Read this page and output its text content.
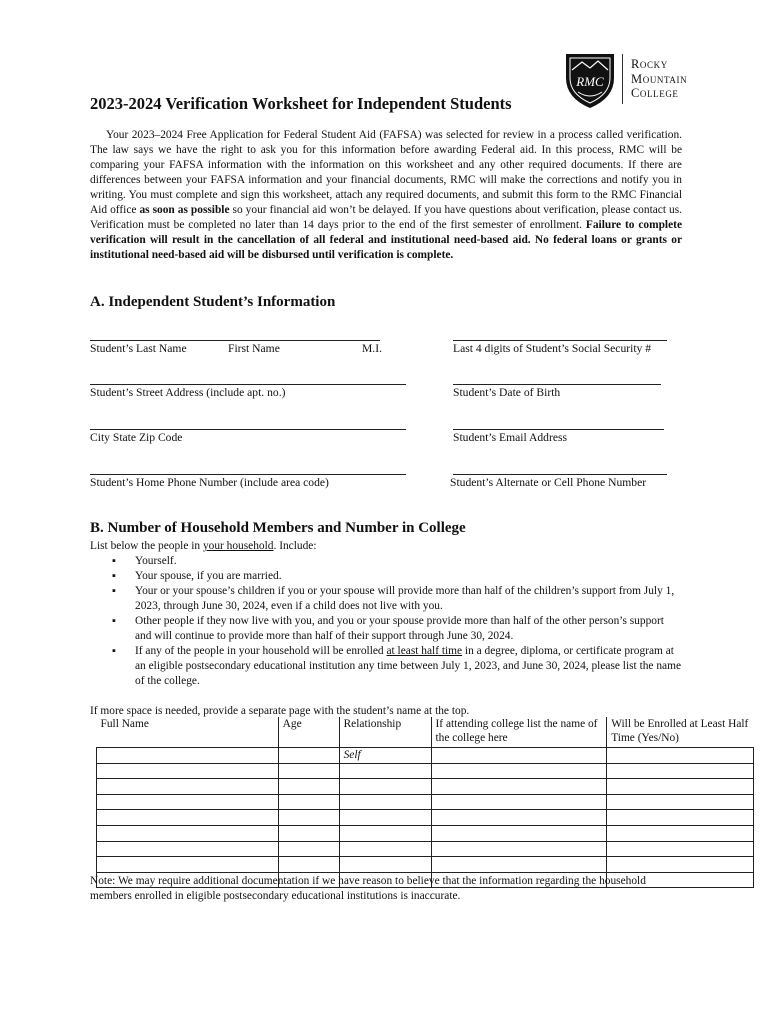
2023-2024 Verification Worksheet for Independent Students
RMC
Rocky
Mountain
College
Your 2023–2024 Free Application for Federal Student Aid (FAFSA) was selected for review in a process called verification. The law says we have the right to ask you for this information before awarding Federal aid. In this process, RMC will be comparing your FAFSA information with the information on this worksheet and any other required documents. If there are differences between your FAFSA information and your financial documents, RMC will make the corrections and notify you in writing. You must complete and sign this worksheet, attach any required documents, and submit this form to the RMC Financial Aid office as soon as possible so your financial aid won’t be delayed. If you have questions about verification, please contact us. Verification must be completed no later than 14 days prior to the end of the first semester of enrollment. Failure to complete verification will result in the cancellation of all federal and institutional need-based aid. No federal loans or grants or institutional need-based aid will be disbursed until verification is complete.
A. Independent Student’s Information
Student’s Last Name	First Name	M.I.	Last 4 digits of Student’s Social Security #
Student’s Street Address (include apt. no.)	Student’s Date of Birth
City State Zip Code	Student’s Email Address
Student’s Home Phone Number (include area code)	Student’s Alternate or Cell Phone Number
B. Number of Household Members and Number in College
List below the people in your household. Include:
▪ Yourself.
▪ Your spouse, if you are married.
▪ Your or your spouse’s children if you or your spouse will provide more than half of the children’s support from July 1, 2023, through June 30, 2024, even if a child does not live with you.
▪ Other people if they now live with you, and you or your spouse provide more than half of the other person’s support and will continue to provide more than half of their support through June 30, 2024.
▪ If any of the people in your household will be enrolled at least half time in a degree, diploma, or certificate program at an eligible postsecondary educational institution any time between July 1, 2023, and June 30, 2024, please list the name of the college.
If more space is needed, provide a separate page with the student’s name at the top.
Full Name	Age	Relationship	If attending college list the name of the college here	Will be Enrolled at Least Half Time (Yes/No)
		Self		

Note: We may require additional documentation if we have reason to believe that the information regarding the household members enrolled in eligible postsecondary educational institutions is inaccurate.
